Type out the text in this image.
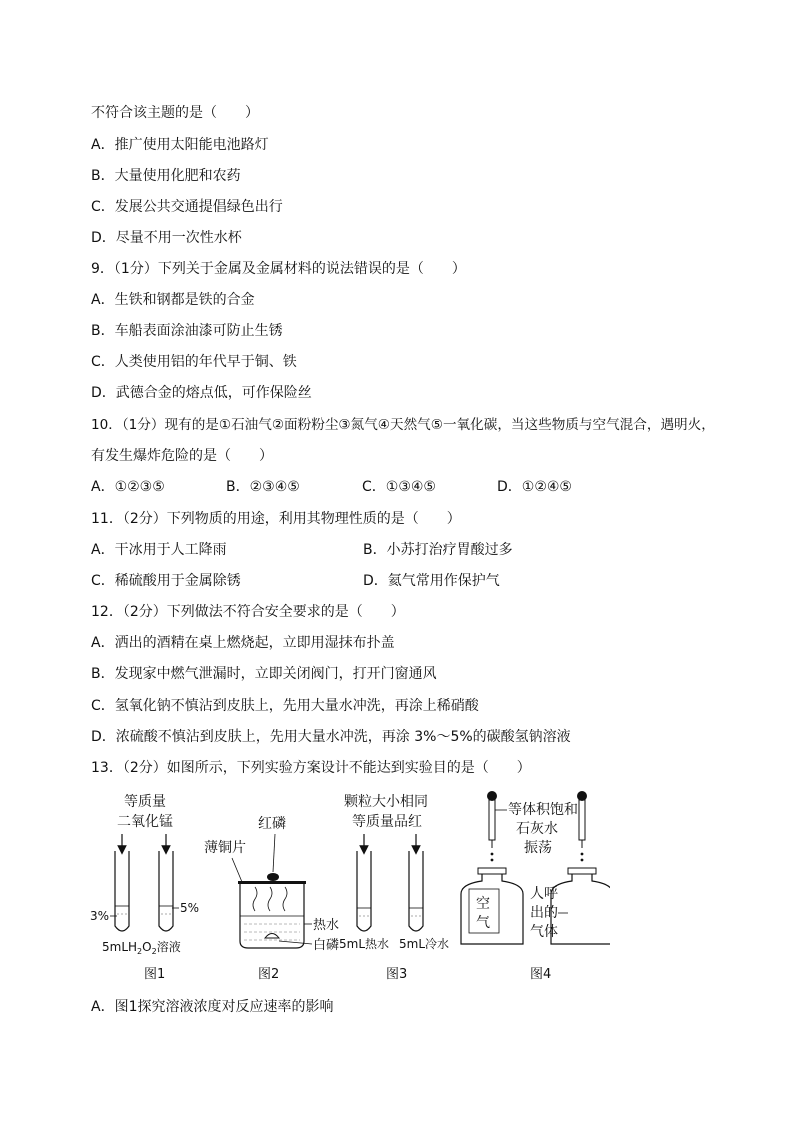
不符合该主题的是（　　）
A．推广使用太阳能电池路灯
B．大量使用化肥和农药
C．发展公共交通提倡绿色出行
D．尽量不用一次性水杯
9．（1分）下列关于金属及金属材料的说法错误的是（　　）
A．生铁和钢都是铁的合金
B．车船表面涂油漆可防止生锈
C．人类使用铝的年代早于铜、铁
D．武德合金的熔点低，可作保险丝
10．（1分）现有的是①石油气②面粉粉尘③氮气④天然气⑤一氧化碳，当这些物质与空气混合，遇明火，
有发生爆炸危险的是（　　）
A．①②③⑤	B．②③④⑤	C．①③④⑤	D．①②④⑤
11．（2分）下列物质的用途，利用其物理性质的是（　　）
A．干冰用于人工降雨	B．小苏打治疗胃酸过多
C．稀硫酸用于金属除锈	D．氦气常用作保护气
12．（2分）下列做法不符合安全要求的是（　　）
A．洒出的酒精在桌上燃烧起，立即用湿抹布扑盖
B．发现家中燃气泄漏时，立即关闭阀门，打开门窗通风
C．氢氧化钠不慎沾到皮肤上，先用大量水冲洗，再涂上稀硝酸
D．浓硫酸不慎沾到皮肤上，先用大量水冲洗，再涂 3%～5%的碳酸氢钠溶液
13．（2分）如图所示，下列实验方案设计不能达到实验目的是（　　）
等质量
二氧化锰
3%
5%
$5mLH_2O_2$溶液
图1
红磷
薄铜片
热水
白磷
图2
颗粒大小相同
等质量品红
5mL热水 5mL冷水
图3
等体积饱和
石灰水
振荡
空
气
人呼
出的
气体
图4
A．图1探究溶液浓度对反应速率的影响
